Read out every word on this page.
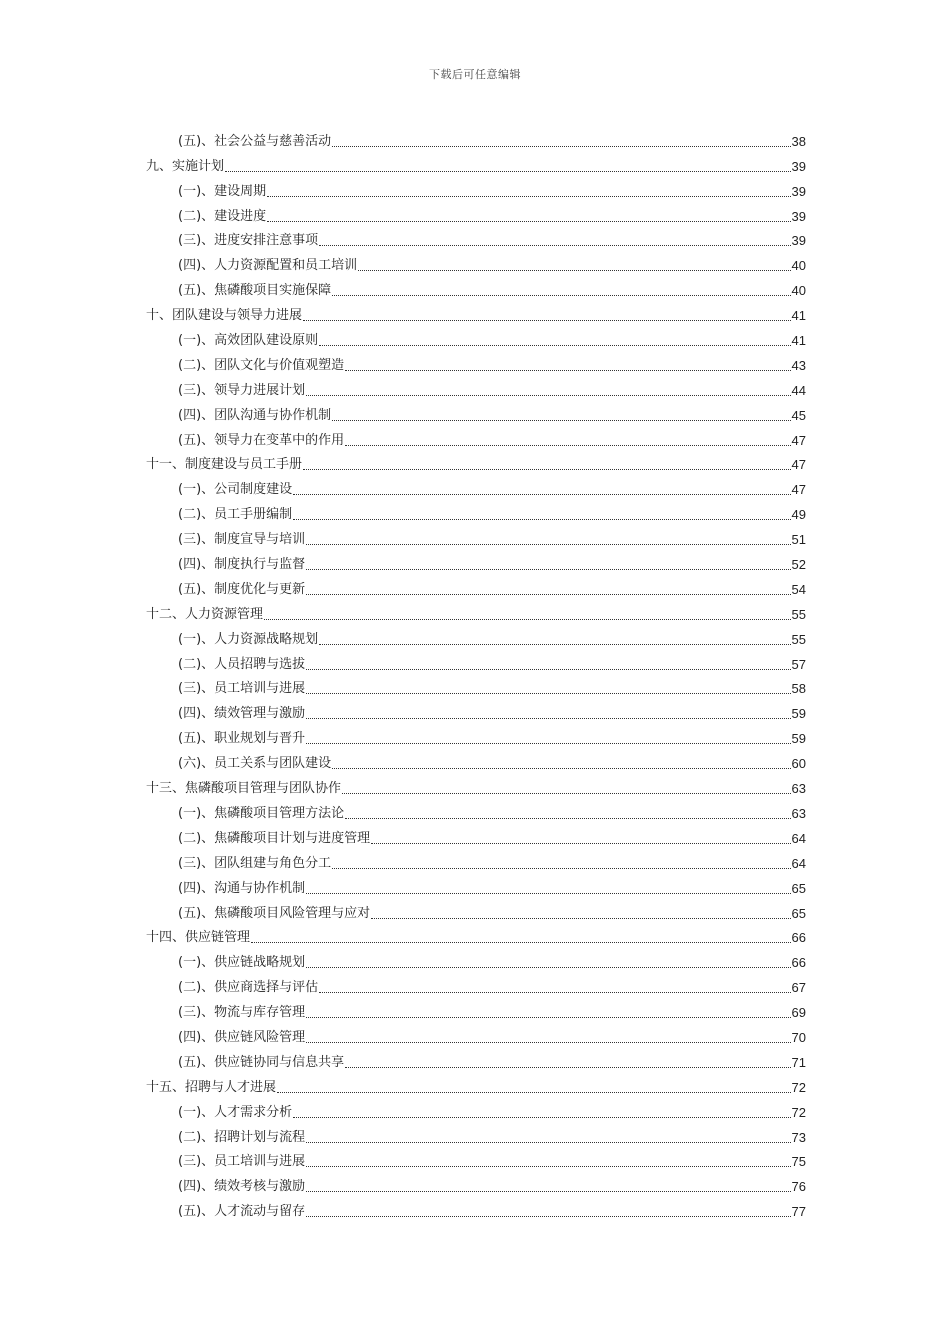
下载后可任意编辑
(五)、社会公益与慈善活动	38
九、实施计划	39
(一)、建设周期	39
(二)、建设进度	39
(三)、进度安排注意事项	39
(四)、人力资源配置和员工培训	40
(五)、焦磷酸项目实施保障	40
十、团队建设与领导力进展	41
(一)、高效团队建设原则	41
(二)、团队文化与价值观塑造	43
(三)、领导力进展计划	44
(四)、团队沟通与协作机制	45
(五)、领导力在变革中的作用	47
十一、制度建设与员工手册	47
(一)、公司制度建设	47
(二)、员工手册编制	49
(三)、制度宣导与培训	51
(四)、制度执行与监督	52
(五)、制度优化与更新	54
十二、人力资源管理	55
(一)、人力资源战略规划	55
(二)、人员招聘与选拔	57
(三)、员工培训与进展	58
(四)、绩效管理与激励	59
(五)、职业规划与晋升	59
(六)、员工关系与团队建设	60
十三、焦磷酸项目管理与团队协作	63
(一)、焦磷酸项目管理方法论	63
(二)、焦磷酸项目计划与进度管理	64
(三)、团队组建与角色分工	64
(四)、沟通与协作机制	65
(五)、焦磷酸项目风险管理与应对	65
十四、供应链管理	66
(一)、供应链战略规划	66
(二)、供应商选择与评估	67
(三)、物流与库存管理	69
(四)、供应链风险管理	70
(五)、供应链协同与信息共享	71
十五、招聘与人才进展	72
(一)、人才需求分析	72
(二)、招聘计划与流程	73
(三)、员工培训与进展	75
(四)、绩效考核与激励	76
(五)、人才流动与留存	77
